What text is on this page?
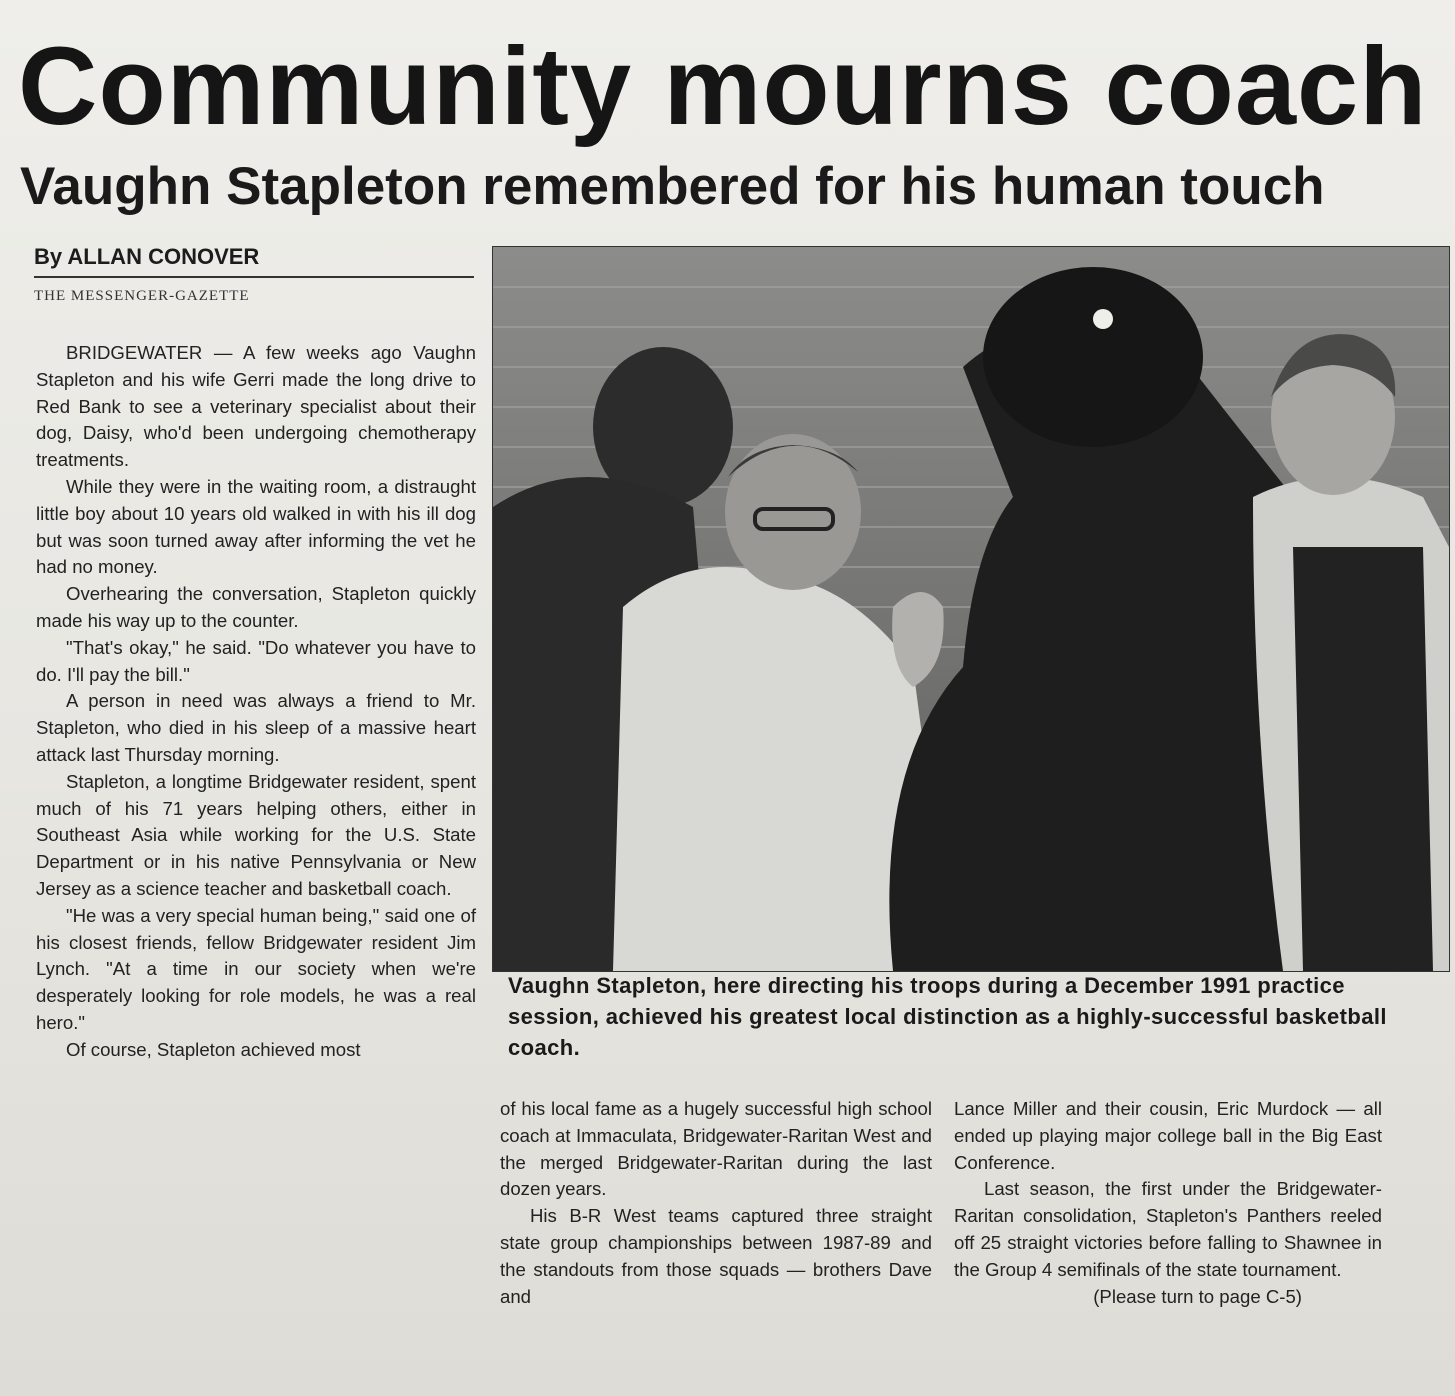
Community mourns coach
Vaughn Stapleton remembered for his human touch
By ALLAN CONOVER
THE MESSENGER-GAZETTE

BRIDGEWATER — A few weeks ago Vaughn Stapleton and his wife Gerri made the long drive to Red Bank to see a veterinary specialist about their dog, Daisy, who'd been undergoing chemotherapy treatments.

While they were in the waiting room, a distraught little boy about 10 years old walked in with his ill dog but was soon turned away after informing the vet he had no money.

Overhearing the conversation, Stapleton quickly made his way up to the counter.

"That's okay," he said. "Do whatever you have to do. I'll pay the bill."

A person in need was always a friend to Mr. Stapleton, who died in his sleep of a massive heart attack last Thursday morning.

Stapleton, a longtime Bridgewater resident, spent much of his 71 years helping others, either in Southeast Asia while working for the U.S. State Department or in his native Pennsylvania or New Jersey as a science teacher and basketball coach.

"He was a very special human being," said one of his closest friends, fellow Bridgewater resident Jim Lynch. "At a time in our society when we're desperately looking for role models, he was a real hero."

Of course, Stapleton achieved most

Vaughn Stapleton, here directing his troops during a December 1991 practice session, achieved his greatest local distinction as a highly-successful basketball coach.

of his local fame as a hugely successful high school coach at Immaculata, Bridgewater-Raritan West and the merged Bridgewater-Raritan during the last dozen years.

His B-R West teams captured three straight state group championships between 1987-89 and the standouts from those squads — brothers Dave and

Lance Miller and their cousin, Eric Murdock — all ended up playing major college ball in the Big East Conference.

Last season, the first under the Bridgewater-Raritan consolidation, Stapleton's Panthers reeled off 25 straight victories before falling to Shawnee in the Group 4 semifinals of the state tournament.

(Please turn to page C-5)
